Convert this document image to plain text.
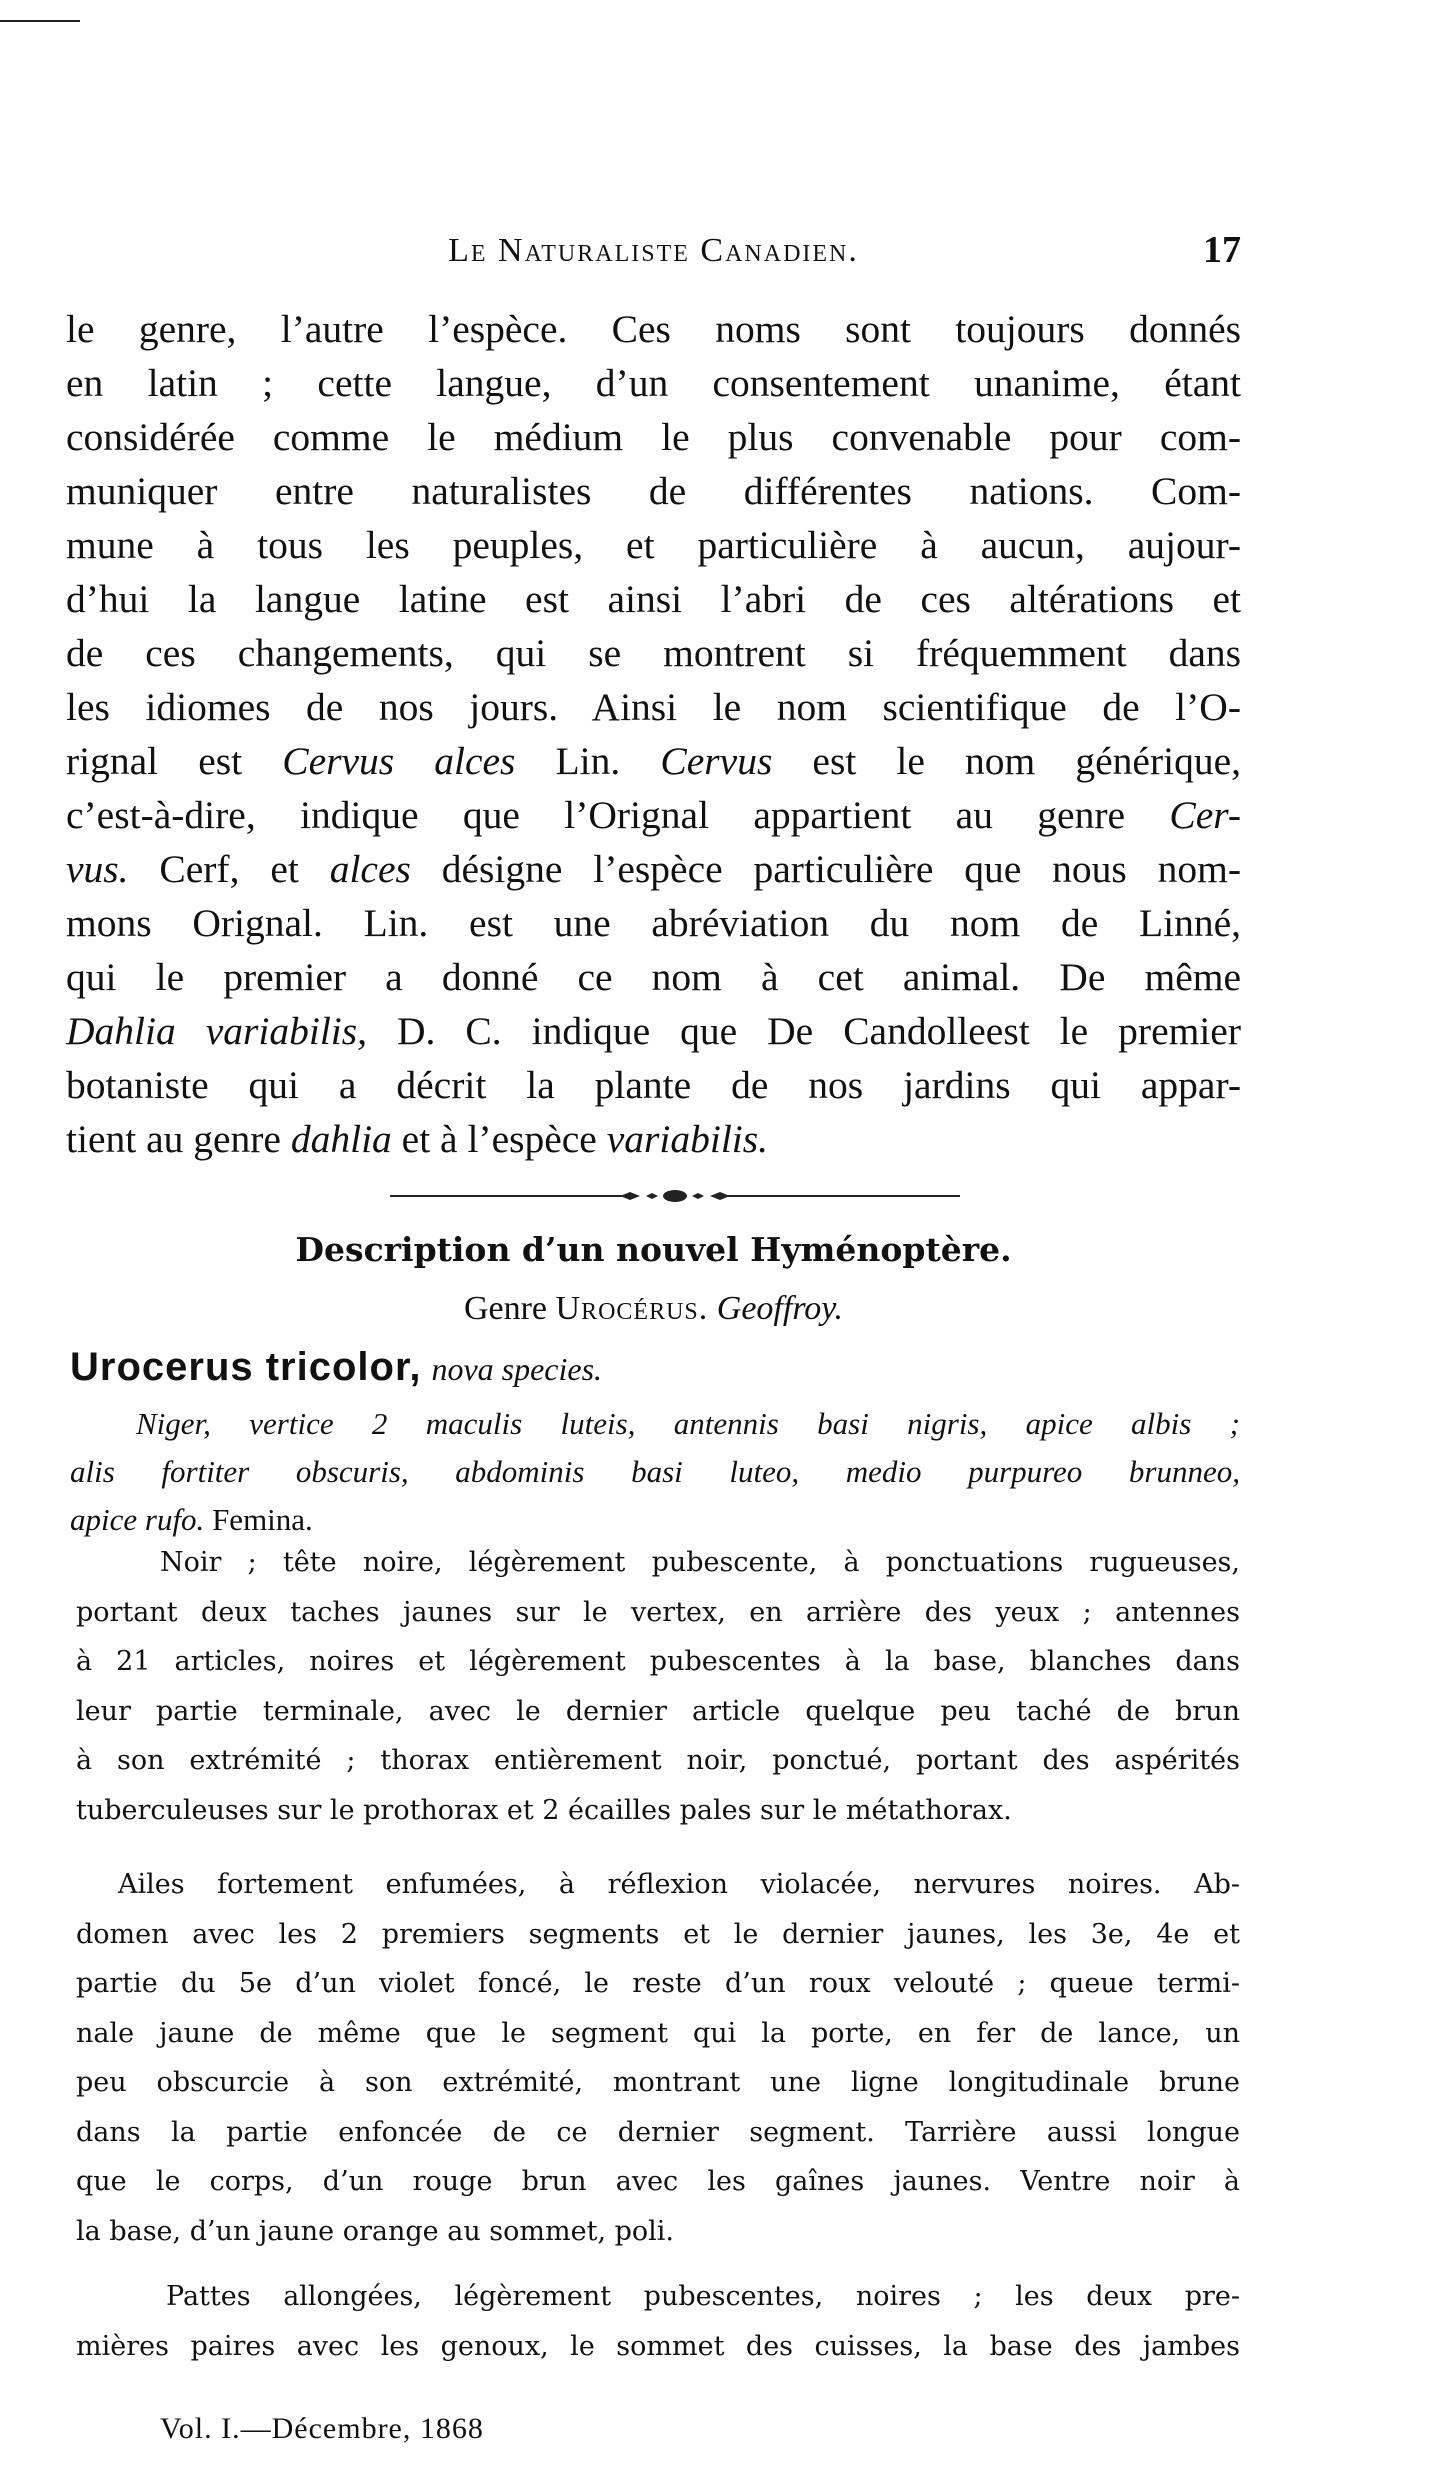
Le Naturaliste Canadien.	17
le genre, l’autre l’espèce. Ces noms sont toujours donnés
en latin ; cette langue, d’un consentement unanime, étant
considérée comme le médium le plus convenable pour com-
muniquer entre naturalistes de différentes nations. Com-
mune à tous les peuples, et particulière à aucun, aujour-
d’hui la langue latine est ainsi l’abri de ces altérations et
de ces changements, qui se montrent si fréquemment dans
les idiomes de nos jours. Ainsi le nom scientifique de l’O-
rignal est Cervus alces Lin. Cervus est le nom générique,
c’est-à-dire, indique que l’Orignal appartient au genre Cer-
vus. Cerf, et alces désigne l’espèce particulière que nous nom-
mons Orignal. Lin. est une abréviation du nom de Linné,
qui le premier a donné ce nom à cet animal. De même
Dahlia variabilis, D. C. indique que De Candolleest le premier
botaniste qui a décrit la plante de nos jardins qui appar-
tient au genre dahlia et à l’espèce variabilis.
Description d’un nouvel Hyménoptère.
Genre Urocérus. Geoffroy.
Urocerus tricolor, nova species.
Niger, vertice 2 maculis luteis, antennis basi nigris, apice albis ;
alis fortiter obscuris, abdominis basi luteo, medio purpureo brunneo,
apice rufo. Femina.
Noir ; tête noire, légèrement pubescente, à ponctuations rugueuses,
portant deux taches jaunes sur le vertex, en arrière des yeux ; antennes
à 21 articles, noires et légèrement pubescentes à la base, blanches dans
leur partie terminale, avec le dernier article quelque peu taché de brun
à son extrémité ; thorax entièrement noir, ponctué, portant des aspérités
tuberculeuses sur le prothorax et 2 écailles pales sur le métathorax.
Ailes fortement enfumées, à réflexion violacée, nervures noires. Ab-
domen avec les 2 premiers segments et le dernier jaunes, les 3e, 4e et
partie du 5e d’un violet foncé, le reste d’un roux velouté ; queue termi-
nale jaune de même que le segment qui la porte, en fer de lance, un
peu obscurcie à son extrémité, montrant une ligne longitudinale brune
dans la partie enfoncée de ce dernier segment. Tarrière aussi longue
que le corps, d’un rouge brun avec les gaînes jaunes. Ventre noir à
la base, d’un jaune orange au sommet, poli.
Pattes allongées, légèrement pubescentes, noires ; les deux pre-
mières paires avec les genoux, le sommet des cuisses, la base des jambes
Vol. I.—Décembre, 1868
